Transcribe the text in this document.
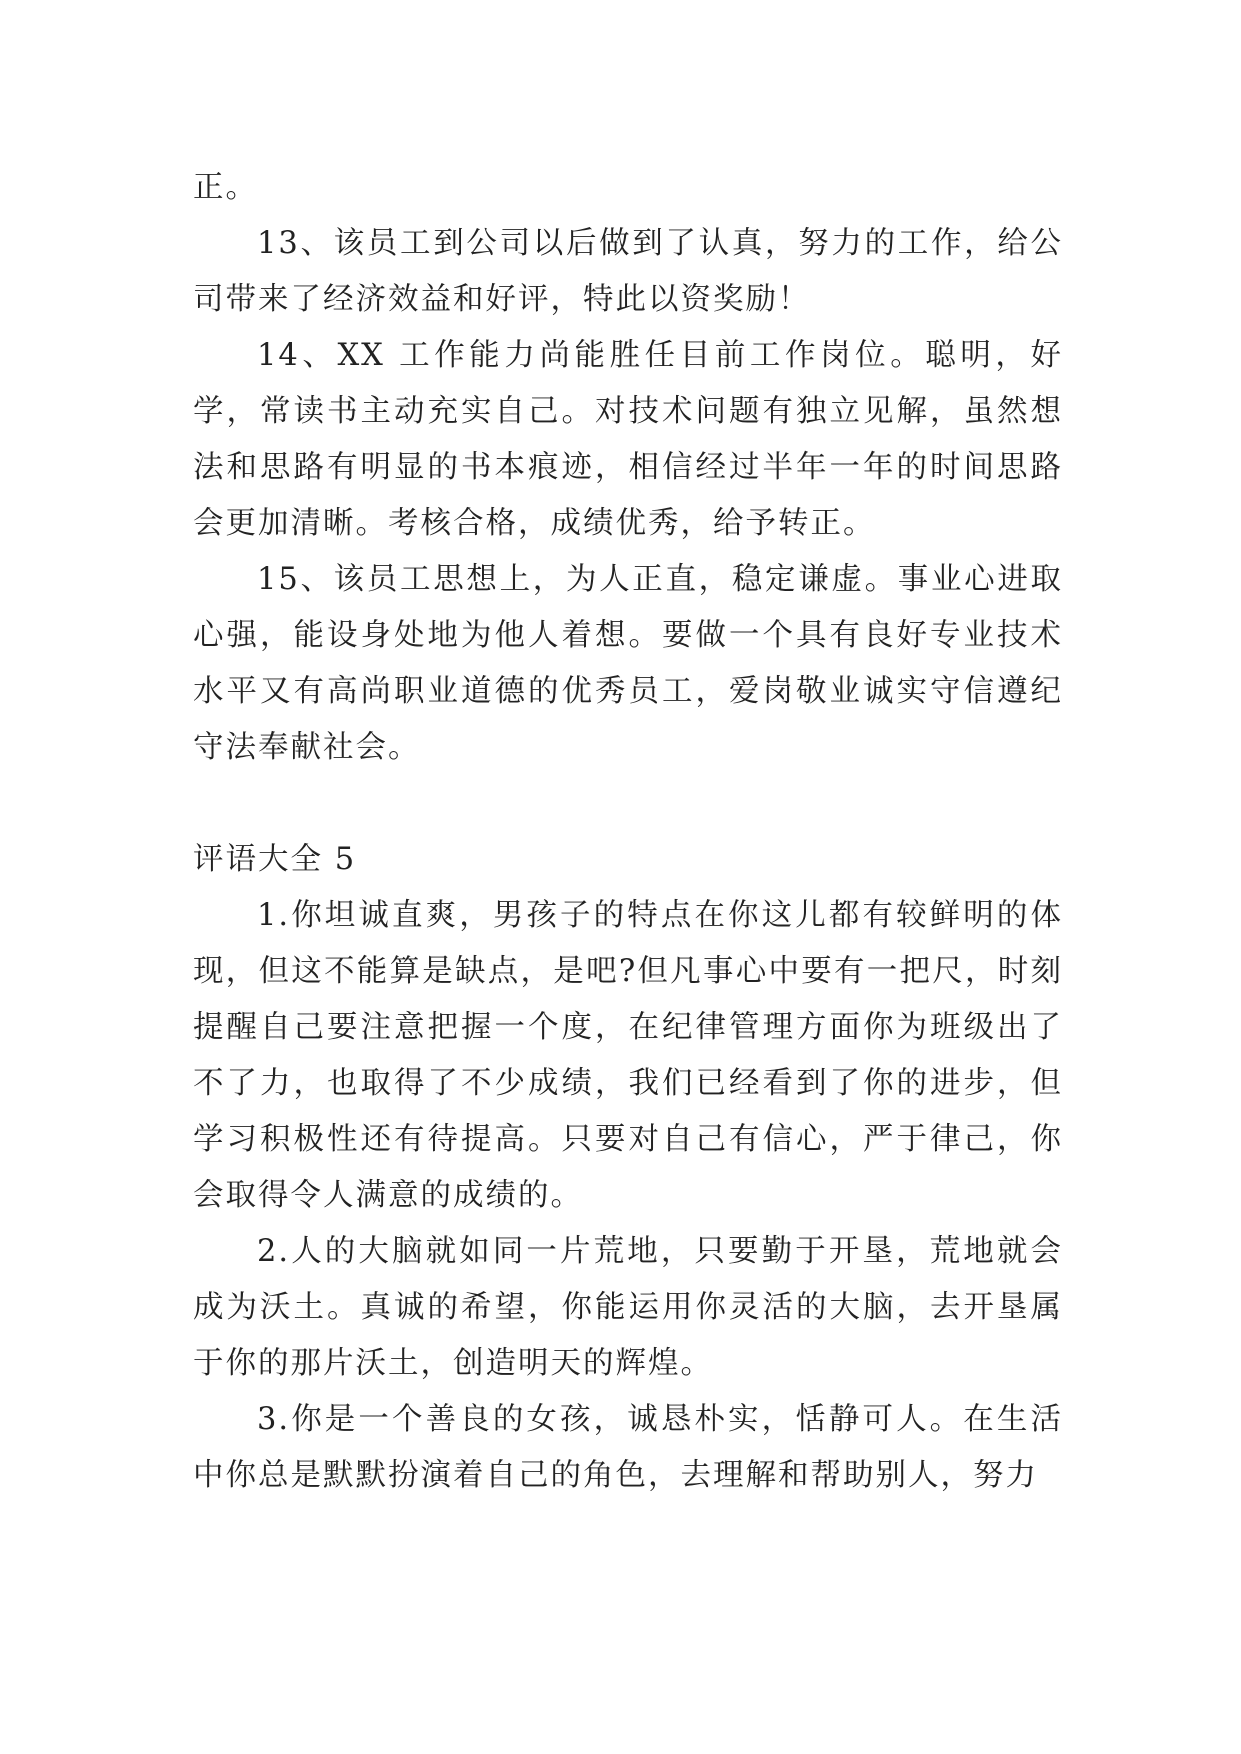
正。

13、该员工到公司以后做到了认真，努力的工作，给公司带来了经济效益和好评，特此以资奖励！

14、XX 工作能力尚能胜任目前工作岗位。聪明，好学，常读书主动充实自己。对技术问题有独立见解，虽然想法和思路有明显的书本痕迹，相信经过半年一年的时间思路会更加清晰。考核合格，成绩优秀，给予转正。

15、该员工思想上，为人正直，稳定谦虚。事业心进取心强，能设身处地为他人着想。要做一个具有良好专业技术水平又有高尚职业道德的优秀员工，爱岗敬业诚实守信遵纪守法奉献社会。

评语大全 5

1.你坦诚直爽，男孩子的特点在你这儿都有较鲜明的体现，但这不能算是缺点，是吧?但凡事心中要有一把尺，时刻提醒自己要注意把握一个度，在纪律管理方面你为班级出了不了力，也取得了不少成绩，我们已经看到了你的进步，但学习积极性还有待提高。只要对自己有信心，严于律己，你会取得令人满意的成绩的。

2.人的大脑就如同一片荒地，只要勤于开垦，荒地就会成为沃土。真诚的希望，你能运用你灵活的大脑，去开垦属于你的那片沃土，创造明天的辉煌。

3.你是一个善良的女孩，诚恳朴实，恬静可人。在生活中你总是默默扮演着自己的角色，去理解和帮助别人，努力
